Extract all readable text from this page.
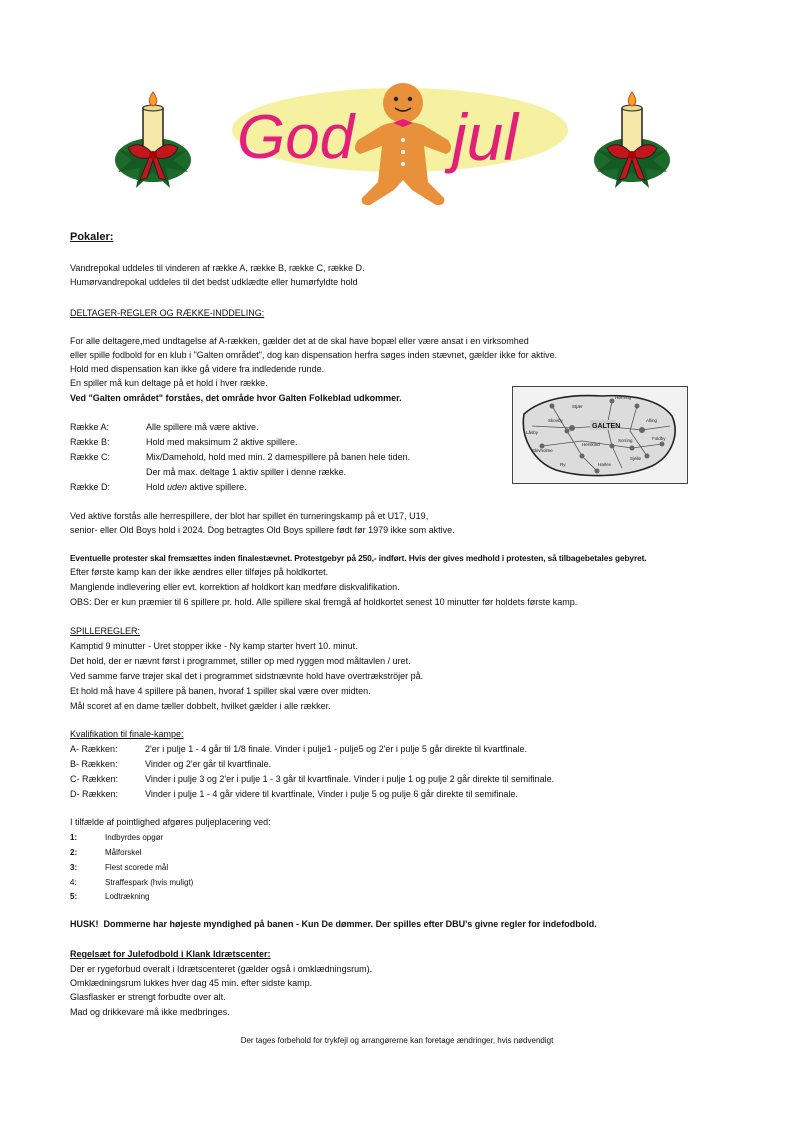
God jul
Pokaler:
Vandrepokal uddeles til vinderen af række A, række B, række C, række D.
Humørvandrepokal uddeles til det bedst udklædte eller humørfyldte hold
DELTAGER-REGLER OG RÆKKE-INDDELING:
For alle deltagere,med undtagelse af A-rækken, gælder det at de skal have bopæl eller være ansat i en virksomhed
eller spille fodbold for en klub i "Galten området", dog kan dispensation herfra søges inden stævnet, gælder ikke for aktive.
Hold med dispensation kan ikke gå videre fra indledende runde.
En spiller må kun deltage på et hold i hver række.
Ved "Galten området" forståes, det område hvor Galten Folkeblad udkommer.
Række A:	Alle spillere må være aktive.
Række B:	Hold med maksimum 2 aktive spillere.
Række C:	Mix/Damehold, hold med min. 2 damespillere på banen hele tiden.
Der må max. deltage 1 aktiv spiller i denne række.
Række D:	Hold uden aktive spillere.
GALTEN
Hørning
Stjær
Skovby
Låsby
Alling
Sorring	Foldby
Herskind
Sjelle
Skivholme
Ry	Harlev
Ved aktive forstås alle herrespillere, der blot har spillet én turneringskamp på et U17, U19,
senior- eller Old Boys hold i 2024. Dog betragtes Old Boys spillere født før 1979 ikke som aktive.
Eventuelle protester skal fremsættes inden finalestævnet. Protestgebyr på 250,- indført. Hvis der gives medhold i protesten, så tilbagebetales gebyret.
Efter første kamp kan der ikke ændres eller tilføjes på holdkortet.
Manglende indlevering eller evt. korrektion af holdkort kan medføre diskvalifikation.
OBS: Der er kun præmier til 6 spillere pr. hold. Alle spillere skal fremgå af holdkortet senest 10 minutter før holdets første kamp.
SPILLEREGLER:
Kamptid 9 minutter - Uret stopper ikke - Ny kamp starter hvert 10. minut.
Det hold, der er nævnt først i programmet, stiller op med ryggen mod måltavlen / uret.
Ved samme farve trøjer skal det i programmet sidstnævnte hold have overtrækströjer på.
Et hold må have 4 spillere på banen, hvoraf 1 spiller skal være over midten.
Mål scoret af en dame tæller dobbelt, hvilket gælder i alle rækker.
Kvalifikation til finale-kampe:
A- Rækken:	2'er i pulje 1 - 4 går til 1/8 finale. Vinder i pulje1 - pulje5 og 2'er i pulje 5 går direkte til kvartfinale.
B- Rækken:	Vinder og 2'er går til kvartfinale.
C- Rækken:	Vinder i pulje 3 og 2'er i pulje 1 - 3 går til kvartfinale. Vinder i pulje 1 og pulje 2 går direkte til semifinale.
D- Rækken:	Vinder i pulje 1 - 4 går videre til kvartfinale, Vinder i pulje 5 og pulje 6 går direkte til semifinale.
I tilfælde af pointlighed afgøres puljeplacering ved:
1:	Indbyrdes opgør
2:	Målforskel
3:	Flest scorede mål
4:	Straffespark (hvis muligt)
5:	Lodtrækning
HUSK! Dommerne har højeste myndighed på banen - Kun De dømmer. Der spilles efter DBU's givne regler for indefodbold.
Regelsæt for Julefodbold i Klank Idrætscenter:
Der er rygeforbud overalt i Idrætscenteret (gælder også i omklædningsrum).
Omklædningsrum lukkes hver dag 45 min. efter sidste kamp.
Glasflasker er strengt forbudte over alt.
Mad og drikkevare må ikke medbringes.
Der tages forbehold for trykfejl og arrangørerne kan foretage ændringer, hvis nødvendigt
